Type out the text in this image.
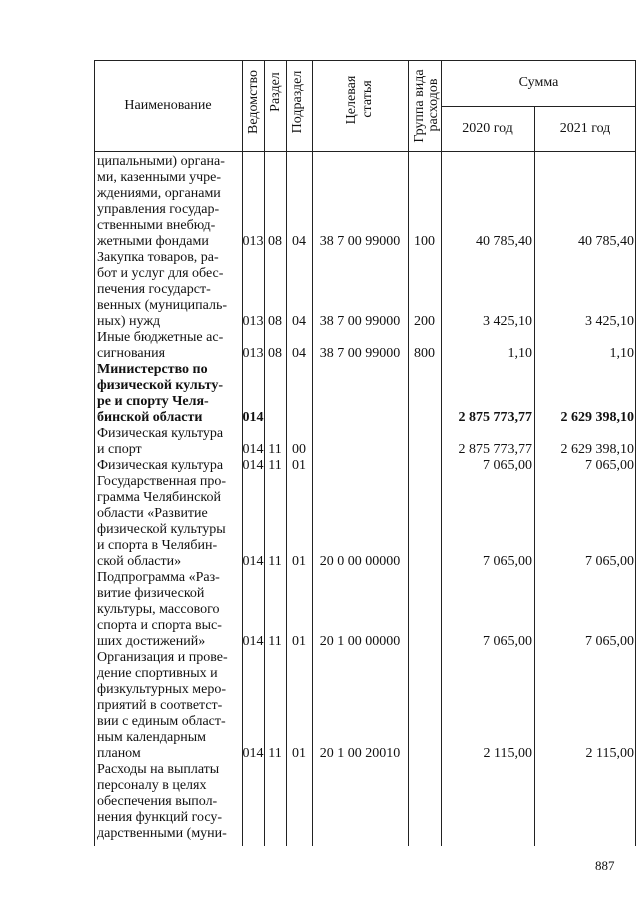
Наименование	Ведомство Раздел Подраздел	Целевая статья	Группа вида расходов	Сумма
2020 год	2021 год
ципальными) органа-
ми, казенными учре-
ждениями, органами
управления государ-
ственными внебюд-
жетными фондами	013 08 04 38 7 00 99000 100	40 785,40	40 785,40
Закупка товаров, ра-
бот и услуг для обес-
печения государст-
венных (муниципаль-
ных) нужд	013 08 04 38 7 00 99000 200	3 425,10	3 425,10
Иные бюджетные ас-
сигнования	013 08 04 38 7 00 99000 800	1,10	1,10
Министерство по
физической культу-
ре и спорту Челя-
бинской области	014	2 875 773,77	2 629 398,10
Физическая культура
и спорт	014 11 00	2 875 773,77	2 629 398,10
Физическая культура	014 11 01	7 065,00	7 065,00
Государственная про-
грамма Челябинской
области «Развитие
физической культуры
и спорта в Челябин-
ской области»	014 11 01 20 0 00 00000	7 065,00	7 065,00
Подпрограмма «Раз-
витие физической
культуры, массового
спорта и спорта выс-
ших достижений»	014 11 01 20 1 00 00000	7 065,00	7 065,00
Организация и прове-
дение спортивных и
физкультурных меро-
приятий в соответст-
вии с единым област-
ным календарным
планом	014 11 01 20 1 00 20010	2 115,00	2 115,00
Расходы на выплаты
персоналу в целях
обеспечения выпол-
нения функций госу-
дарственными (муни-
887
